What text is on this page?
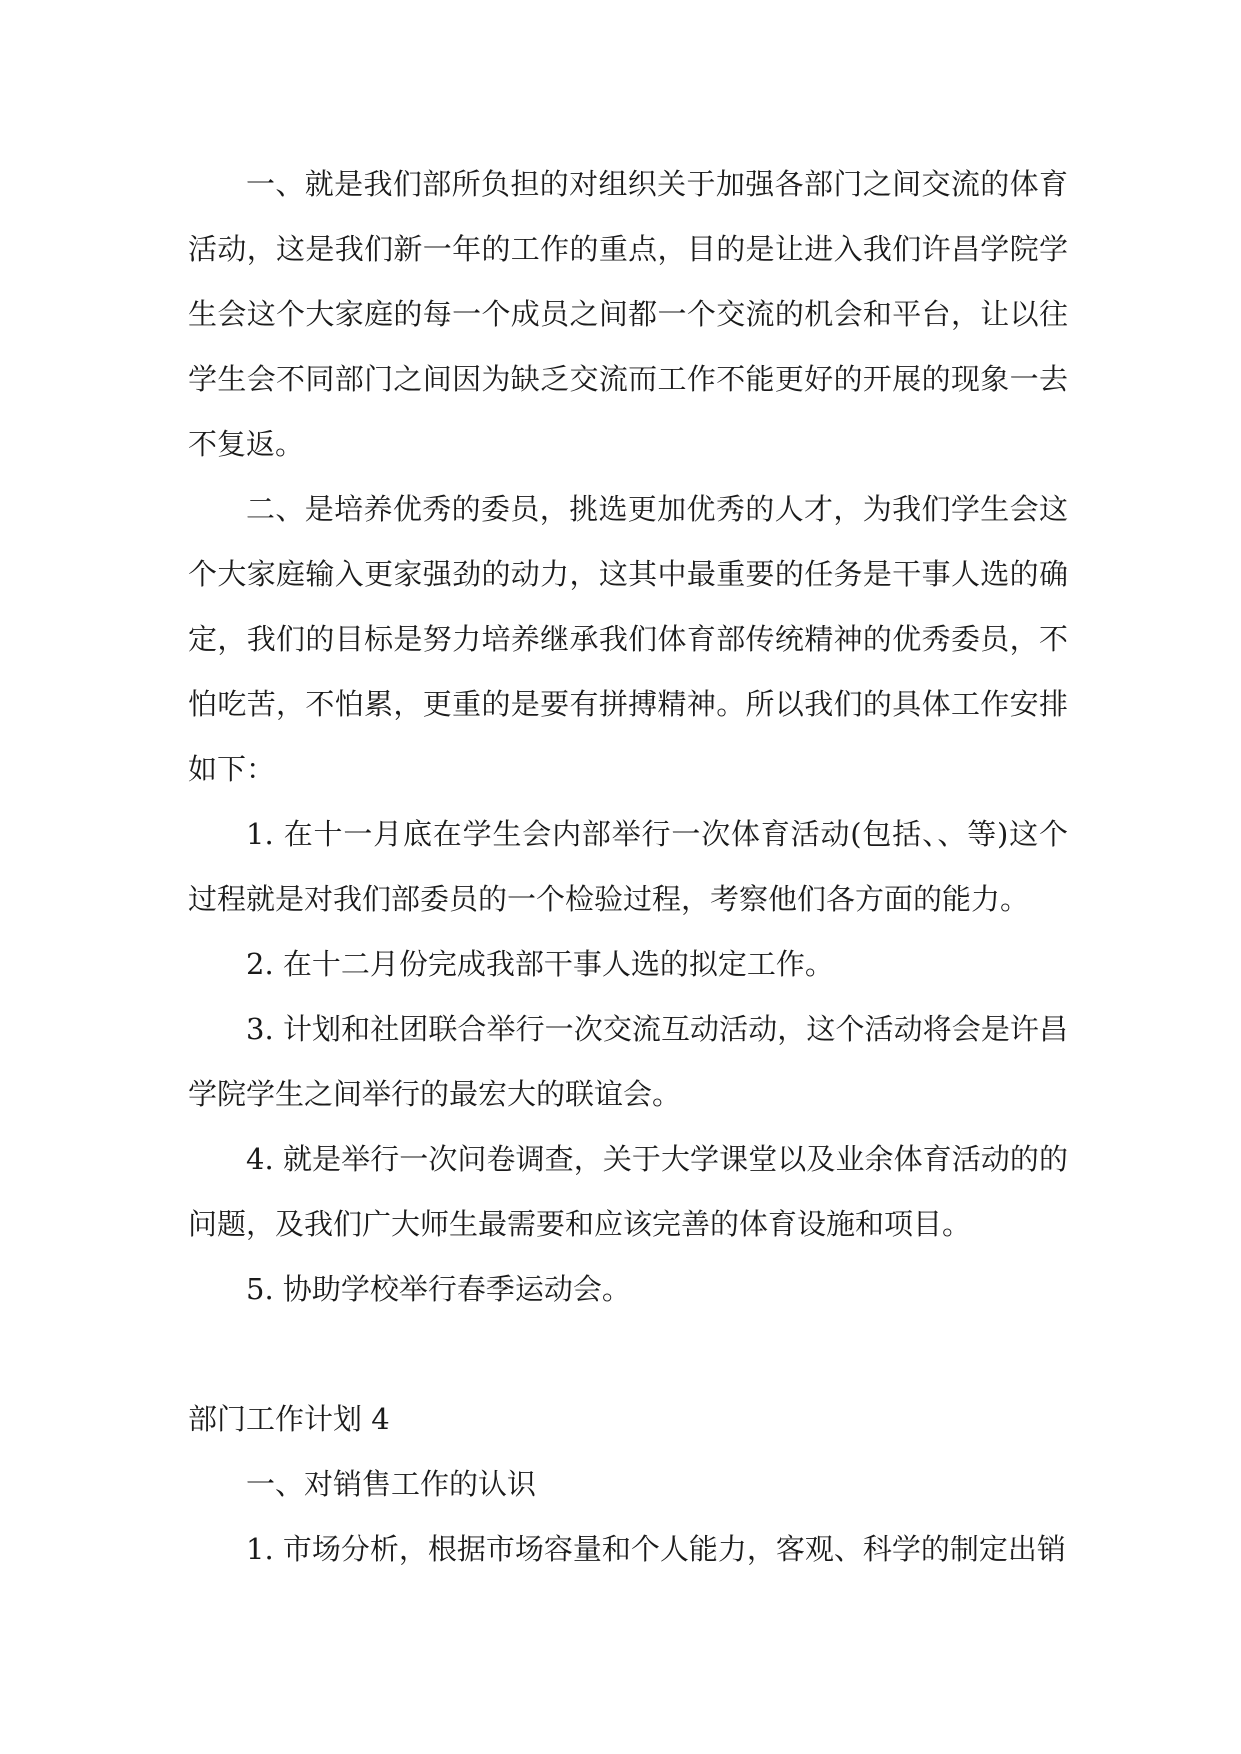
一、就是我们部所负担的对组织关于加强各部门之间交流的体育活动，这是我们新一年的工作的重点，目的是让进入我们许昌学院学生会这个大家庭的每一个成员之间都一个交流的机会和平台，让以往学生会不同部门之间因为缺乏交流而工作不能更好的开展的现象一去不复返。

二、是培养优秀的委员，挑选更加优秀的人才，为我们学生会这个大家庭输入更家强劲的动力，这其中最重要的任务是干事人选的确定，我们的目标是努力培养继承我们体育部传统精神的优秀委员，不怕吃苦，不怕累，更重的是要有拼搏精神。所以我们的具体工作安排如下：

1. 在十一月底在学生会内部举行一次体育活动(包括、、等)这个过程就是对我们部委员的一个检验过程，考察他们各方面的能力。

2. 在十二月份完成我部干事人选的拟定工作。

3. 计划和社团联合举行一次交流互动活动，这个活动将会是许昌学院学生之间举行的最宏大的联谊会。

4. 就是举行一次问卷调查，关于大学课堂以及业余体育活动的的问题，及我们广大师生最需要和应该完善的体育设施和项目。

5. 协助学校举行春季运动会。

部门工作计划 4

一、对销售工作的认识

1. 市场分析，根据市场容量和个人能力，客观、科学的制定出销
